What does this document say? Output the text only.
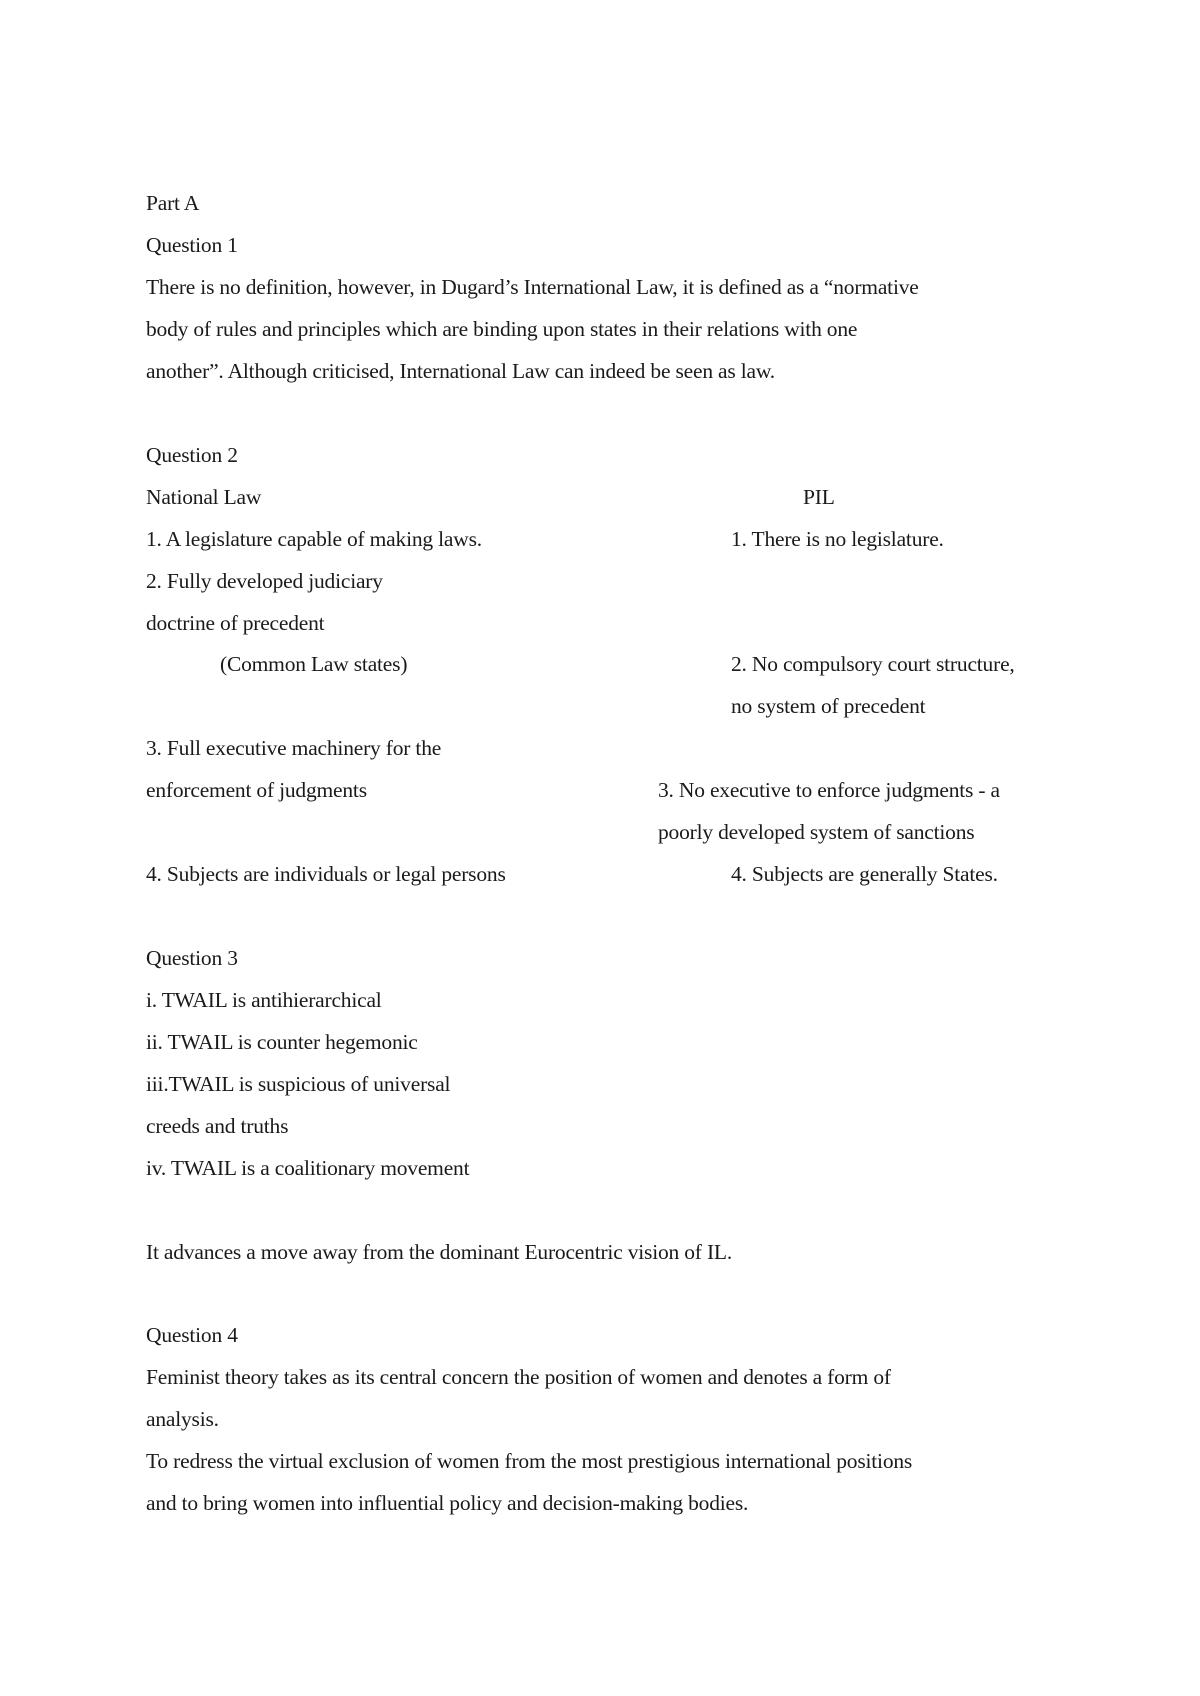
Part A
Question 1
There is no definition, however, in Dugard’s International Law, it is defined as a “normative
body of rules and principles which are binding upon states in their relations with one
another”. Although criticised, International Law can indeed be seen as law.
Question 2
National Law	PIL
1. A legislature capable of making laws.	1. There is no legislature.
2. Fully developed judiciary
doctrine of precedent
(Common Law states)	2. No compulsory court structure,
no system of precedent
3. Full executive machinery for the
enforcement of judgments	3. No executive to enforce judgments - a
poorly developed system of sanctions
4. Subjects are individuals or legal persons	4. Subjects are generally States.
Question 3
i. TWAIL is antihierarchical
ii. TWAIL is counter hegemonic
iii.TWAIL is suspicious of universal
creeds and truths
iv. TWAIL is a coalitionary movement
It advances a move away from the dominant Eurocentric vision of IL.
Question 4
Feminist theory takes as its central concern the position of women and denotes a form of
analysis.
To redress the virtual exclusion of women from the most prestigious international positions
and to bring women into influential policy and decision-making bodies.
